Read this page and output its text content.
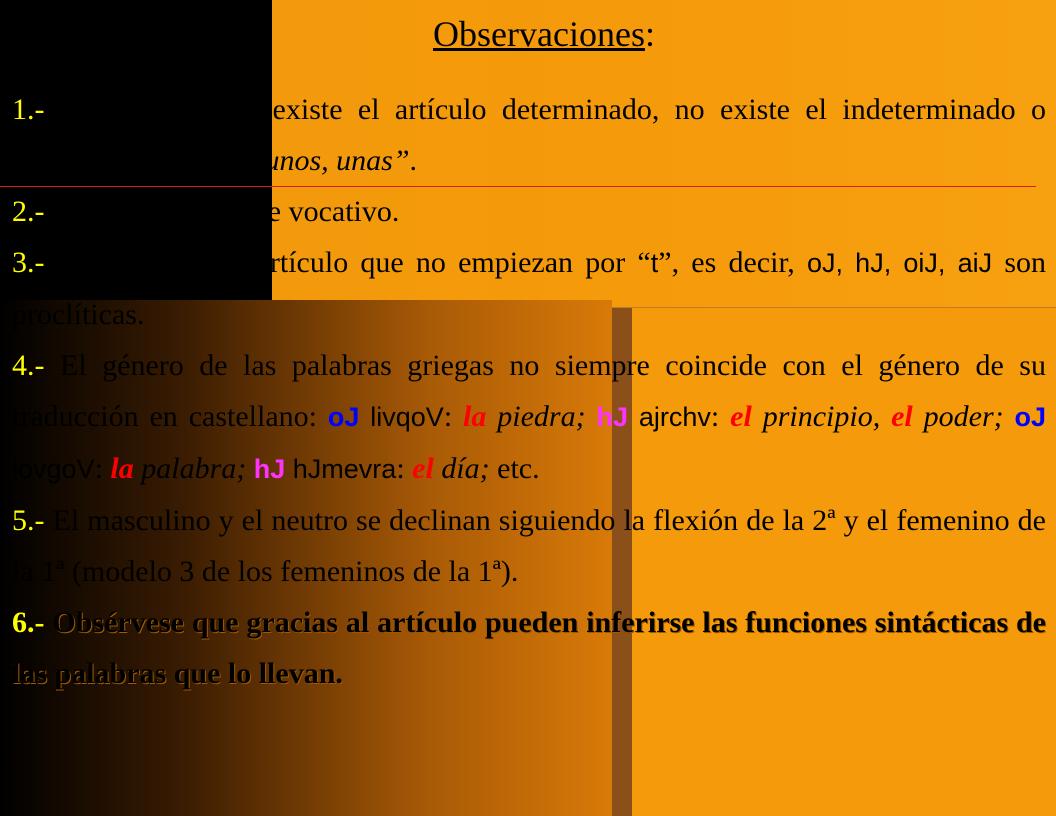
Observaciones:

1.- En Griego sólo existe el artículo determinado, no existe el indeterminado o indefinido “un, una, unos, unas”.

2.- El artículo no tiene vocativo.

3.- Las formas del artículo que no empiezan por “t”, es decir, oJ, hJ, oiJ, aiJ son proclíticas.

4.- El género de las palabras griegas no siempre coincide con el género de su traducción en castellano: oJ livqoV: la piedra; hJ ajrchv: el principio, el poder; oJ lovgoV: la palabra; hJ hJmevra: el día; etc.

5.- El masculino y el neutro se declinan siguiendo la flexión de la 2ª y el femenino de la 1ª (modelo 3 de los femeninos de la 1ª).

6.- Obsérvese que gracias al artículo pueden inferirse las funciones sintácticas de las palabras que lo llevan.
